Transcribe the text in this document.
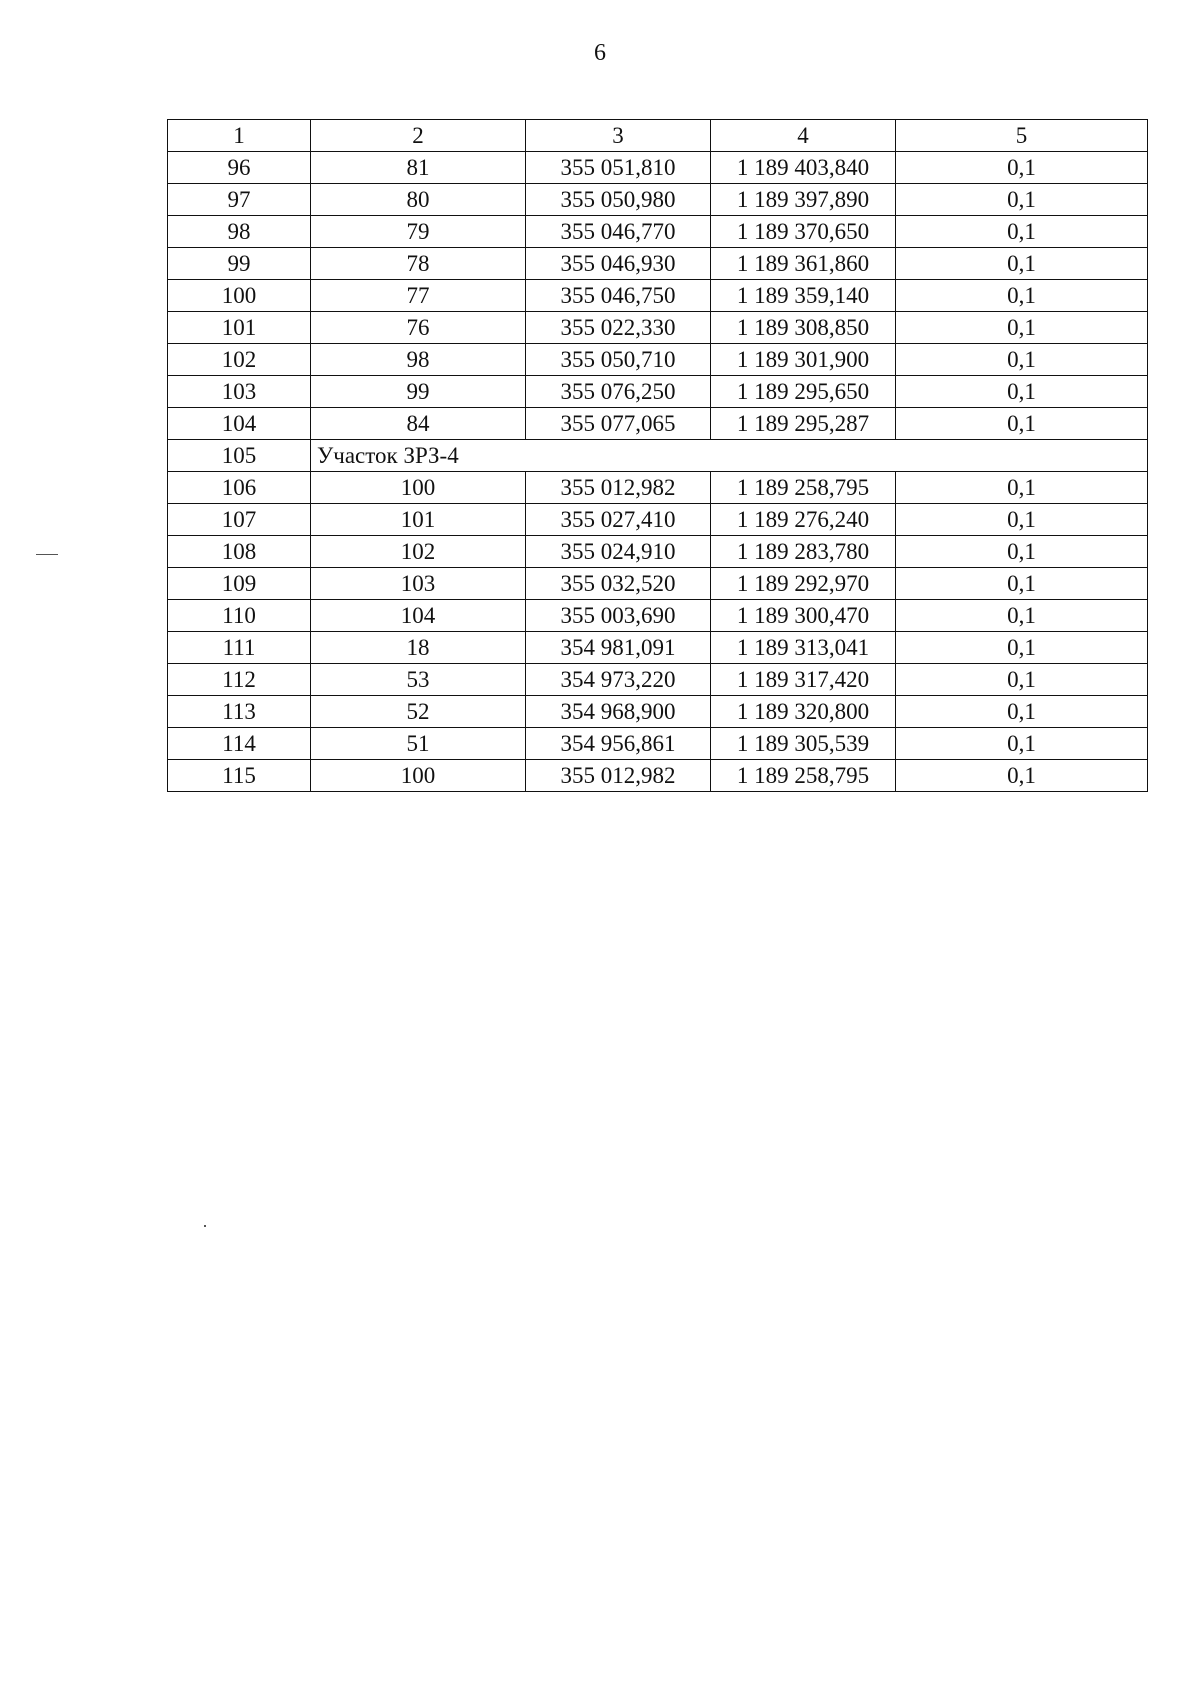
6
1	2	3	4	5
96	81	355 051,810	1 189 403,840	0,1
97	80	355 050,980	1 189 397,890	0,1
98	79	355 046,770	1 189 370,650	0,1
99	78	355 046,930	1 189 361,860	0,1
100	77	355 046,750	1 189 359,140	0,1
101	76	355 022,330	1 189 308,850	0,1
102	98	355 050,710	1 189 301,900	0,1
103	99	355 076,250	1 189 295,650	0,1
104	84	355 077,065	1 189 295,287	0,1
105	Участок ЗРЗ-4			
106	100	355 012,982	1 189 258,795	0,1
107	101	355 027,410	1 189 276,240	0,1
108	102	355 024,910	1 189 283,780	0,1
109	103	355 032,520	1 189 292,970	0,1
110	104	355 003,690	1 189 300,470	0,1
111	18	354 981,091	1 189 313,041	0,1
112	53	354 973,220	1 189 317,420	0,1
113	52	354 968,900	1 189 320,800	0,1
114	51	354 956,861	1 189 305,539	0,1
115	100	355 012,982	1 189 258,795	0,1
